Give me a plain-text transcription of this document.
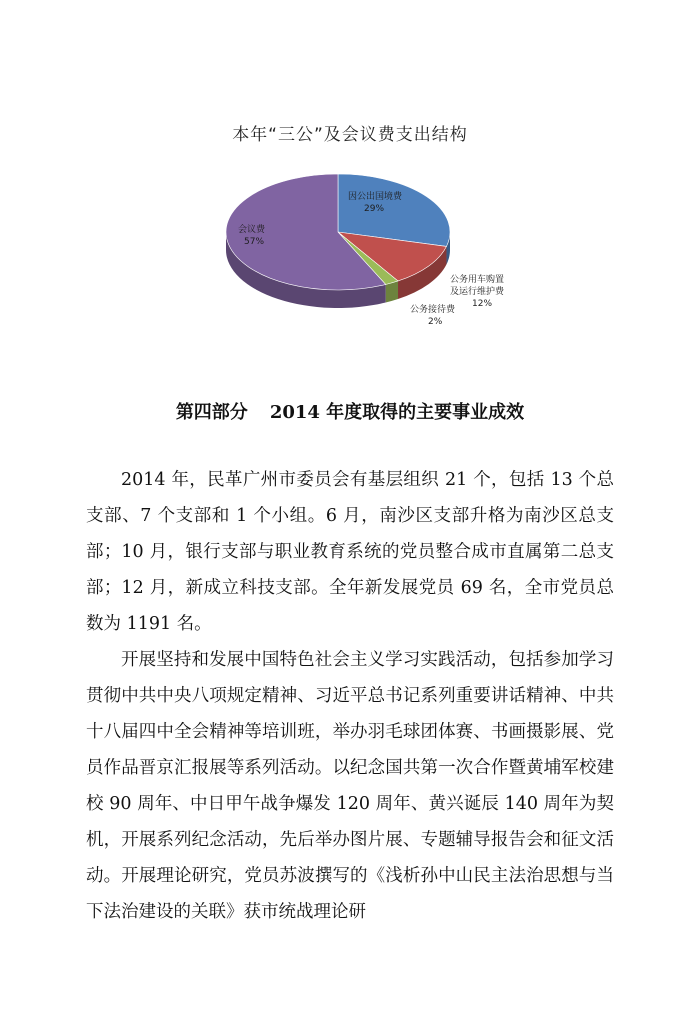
本年“三公”及会议费支出结构
因公出国境费
29%
公务用车购置
及运行维护费
12%
公务接待费
2%
会议费
57%
第四部分 2014 年度取得的主要事业成效

2014 年，民革广州市委员会有基层组织 21 个，包括 13 个总支部、7 个支部和 1 个小组。6 月，南沙区支部升格为南沙区总支部；10 月，银行支部与职业教育系统的党员整合成市直属第二总支部；12 月，新成立科技支部。全年新发展党员 69 名，全市党员总数为 1191 名。

开展坚持和发展中国特色社会主义学习实践活动，包括参加学习贯彻中共中央八项规定精神、习近平总书记系列重要讲话精神、中共十八届四中全会精神等培训班，举办羽毛球团体赛、书画摄影展、党员作品晋京汇报展等系列活动。以纪念国共第一次合作暨黄埔军校建校 90 周年、中日甲午战争爆发 120 周年、黄兴诞辰 140 周年为契机，开展系列纪念活动，先后举办图片展、专题辅导报告会和征文活动。开展理论研究，党员苏波撰写的《浅析孙中山民主法治思想与当下法治建设的关联》获市统战理论研
